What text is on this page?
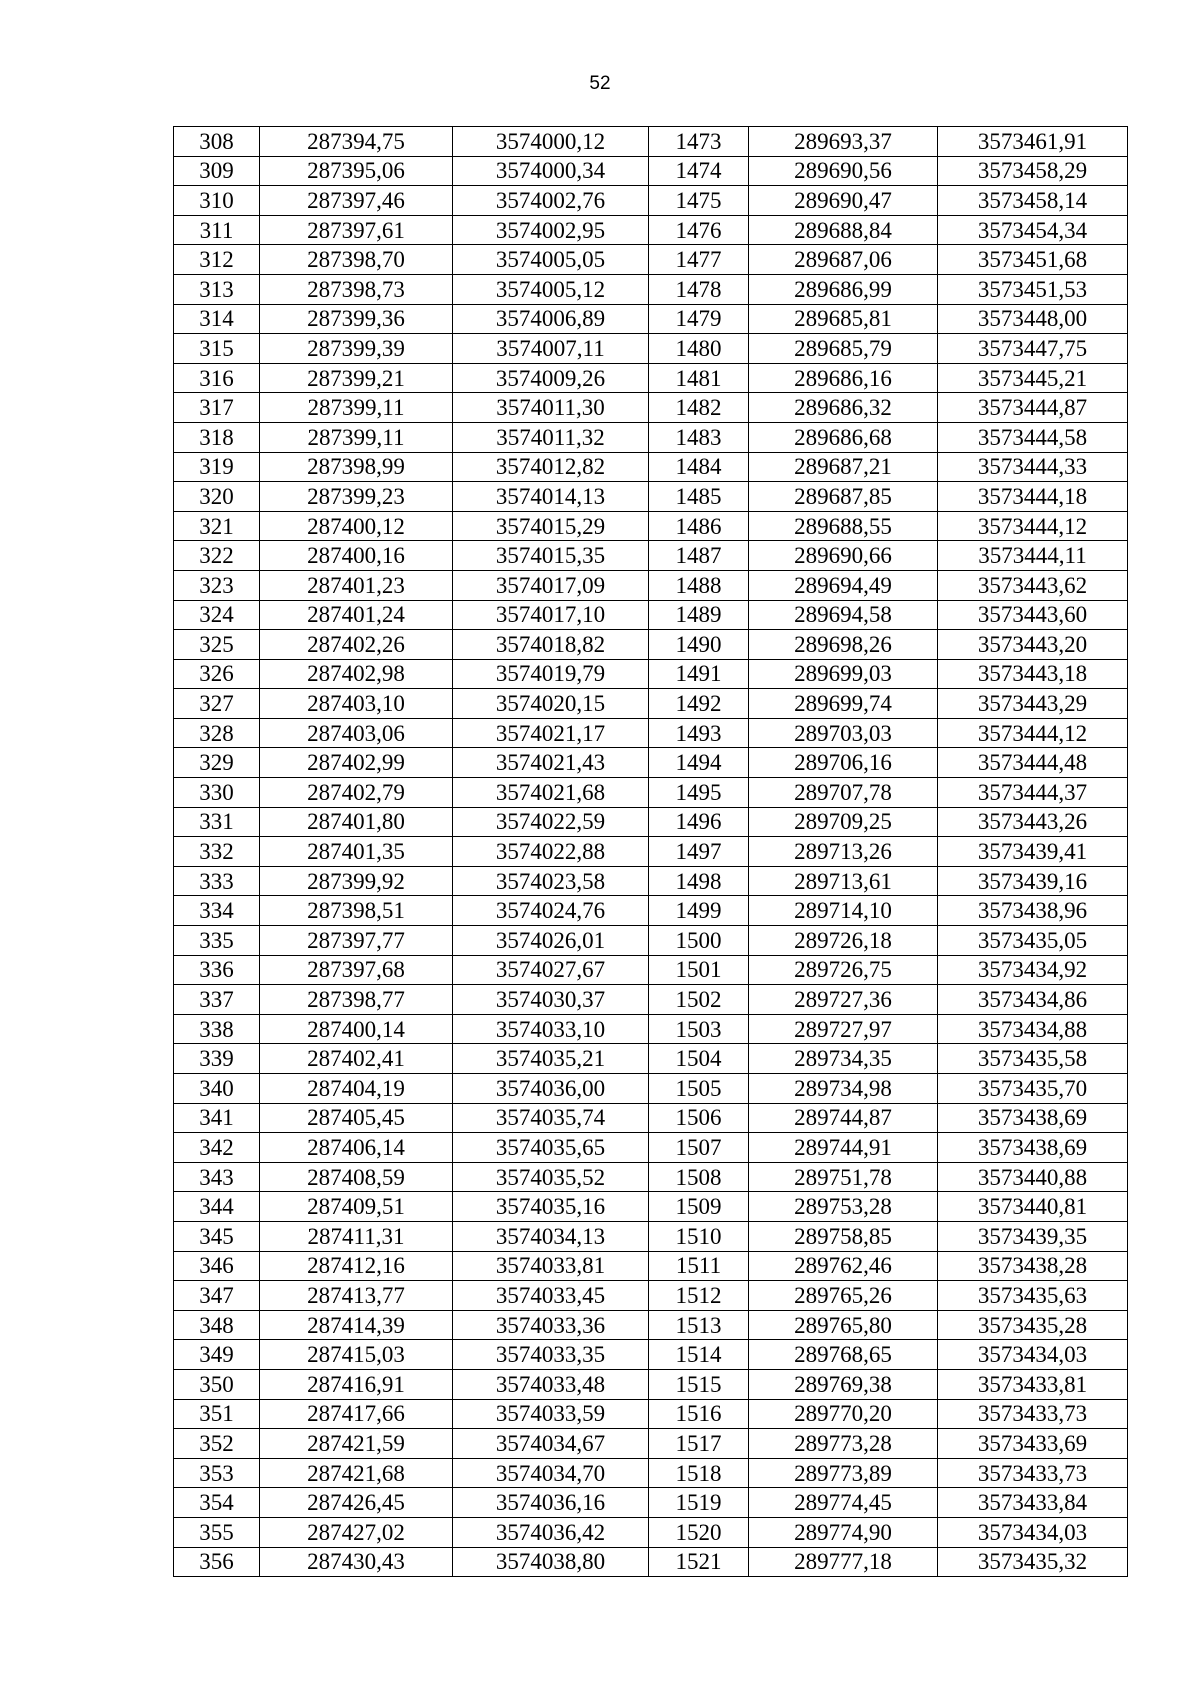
52
308	287394,75	3574000,12	1473	289693,37	3573461,91
309	287395,06	3574000,34	1474	289690,56	3573458,29
310	287397,46	3574002,76	1475	289690,47	3573458,14
311	287397,61	3574002,95	1476	289688,84	3573454,34
312	287398,70	3574005,05	1477	289687,06	3573451,68
313	287398,73	3574005,12	1478	289686,99	3573451,53
314	287399,36	3574006,89	1479	289685,81	3573448,00
315	287399,39	3574007,11	1480	289685,79	3573447,75
316	287399,21	3574009,26	1481	289686,16	3573445,21
317	287399,11	3574011,30	1482	289686,32	3573444,87
318	287399,11	3574011,32	1483	289686,68	3573444,58
319	287398,99	3574012,82	1484	289687,21	3573444,33
320	287399,23	3574014,13	1485	289687,85	3573444,18
321	287400,12	3574015,29	1486	289688,55	3573444,12
322	287400,16	3574015,35	1487	289690,66	3573444,11
323	287401,23	3574017,09	1488	289694,49	3573443,62
324	287401,24	3574017,10	1489	289694,58	3573443,60
325	287402,26	3574018,82	1490	289698,26	3573443,20
326	287402,98	3574019,79	1491	289699,03	3573443,18
327	287403,10	3574020,15	1492	289699,74	3573443,29
328	287403,06	3574021,17	1493	289703,03	3573444,12
329	287402,99	3574021,43	1494	289706,16	3573444,48
330	287402,79	3574021,68	1495	289707,78	3573444,37
331	287401,80	3574022,59	1496	289709,25	3573443,26
332	287401,35	3574022,88	1497	289713,26	3573439,41
333	287399,92	3574023,58	1498	289713,61	3573439,16
334	287398,51	3574024,76	1499	289714,10	3573438,96
335	287397,77	3574026,01	1500	289726,18	3573435,05
336	287397,68	3574027,67	1501	289726,75	3573434,92
337	287398,77	3574030,37	1502	289727,36	3573434,86
338	287400,14	3574033,10	1503	289727,97	3573434,88
339	287402,41	3574035,21	1504	289734,35	3573435,58
340	287404,19	3574036,00	1505	289734,98	3573435,70
341	287405,45	3574035,74	1506	289744,87	3573438,69
342	287406,14	3574035,65	1507	289744,91	3573438,69
343	287408,59	3574035,52	1508	289751,78	3573440,88
344	287409,51	3574035,16	1509	289753,28	3573440,81
345	287411,31	3574034,13	1510	289758,85	3573439,35
346	287412,16	3574033,81	1511	289762,46	3573438,28
347	287413,77	3574033,45	1512	289765,26	3573435,63
348	287414,39	3574033,36	1513	289765,80	3573435,28
349	287415,03	3574033,35	1514	289768,65	3573434,03
350	287416,91	3574033,48	1515	289769,38	3573433,81
351	287417,66	3574033,59	1516	289770,20	3573433,73
352	287421,59	3574034,67	1517	289773,28	3573433,69
353	287421,68	3574034,70	1518	289773,89	3573433,73
354	287426,45	3574036,16	1519	289774,45	3573433,84
355	287427,02	3574036,42	1520	289774,90	3573434,03
356	287430,43	3574038,80	1521	289777,18	3573435,32
